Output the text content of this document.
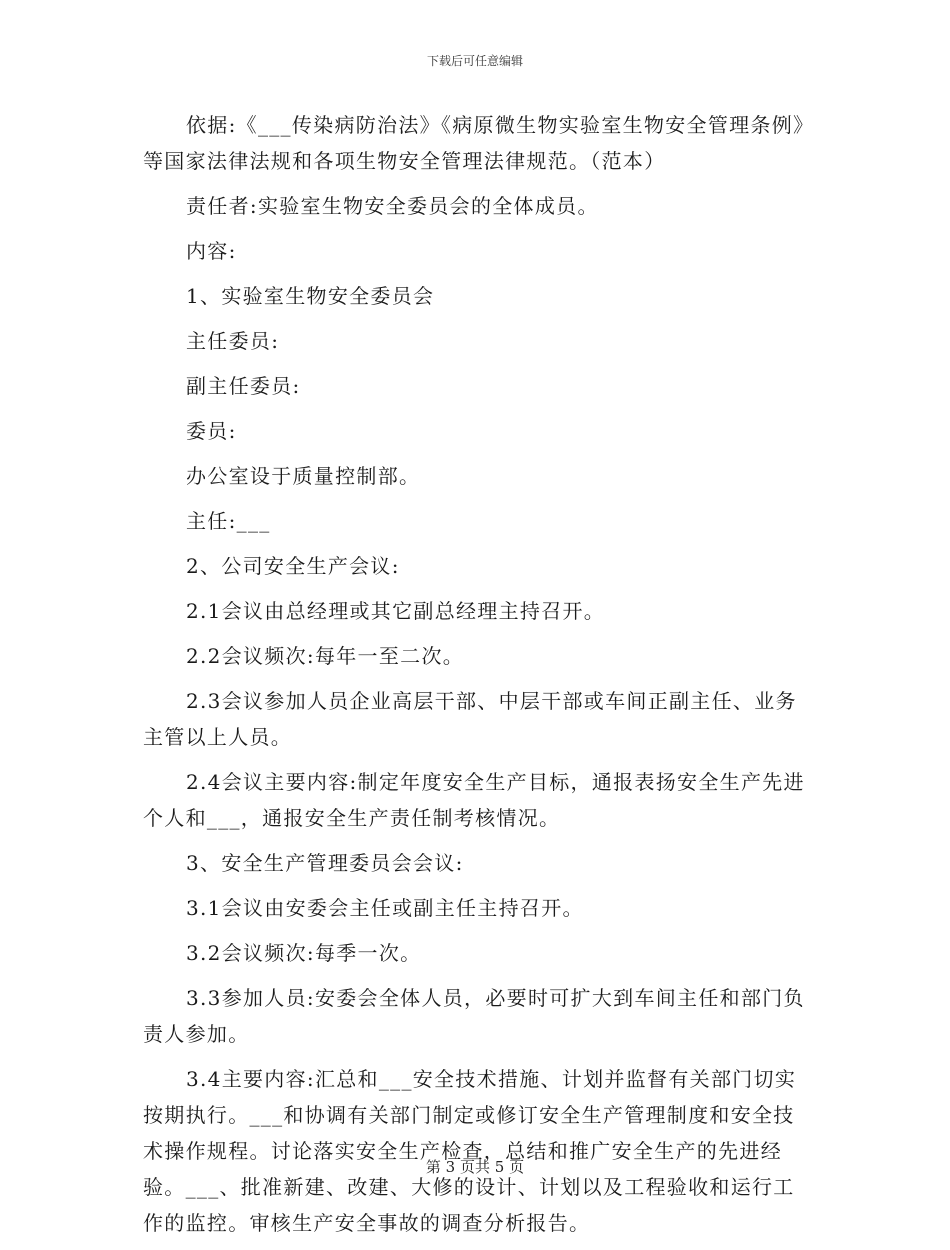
下载后可任意编辑

依据:《___传染病防治法》《病原微生物实验室生物安全管理条例》等国家法律法规和各项生物安全管理法律规范。（范本）

责任者:实验室生物安全委员会的全体成员。

内容:

1、实验室生物安全委员会

主任委员:

副主任委员:

委员:

办公室设于质量控制部。

主任:___

2、公司安全生产会议:

2.1会议由总经理或其它副总经理主持召开。

2.2会议频次:每年一至二次。

2.3会议参加人员企业高层干部、中层干部或车间正副主任、业务主管以上人员。

2.4会议主要内容:制定年度安全生产目标，通报表扬安全生产先进个人和___，通报安全生产责任制考核情况。

3、安全生产管理委员会会议:

3.1会议由安委会主任或副主任主持召开。

3.2会议频次:每季一次。

3.3参加人员:安委会全体人员，必要时可扩大到车间主任和部门负责人参加。

3.4主要内容:汇总和___安全技术措施、计划并监督有关部门切实按期执行。___和协调有关部门制定或修订安全生产管理制度和安全技术操作规程。讨论落实安全生产检查，总结和推广安全生产的先进经验。___、批准新建、改建、大修的设计、计划以及工程验收和运行工作的监控。审核生产安全事故的调查分析报告。

第 3 页共 5 页
